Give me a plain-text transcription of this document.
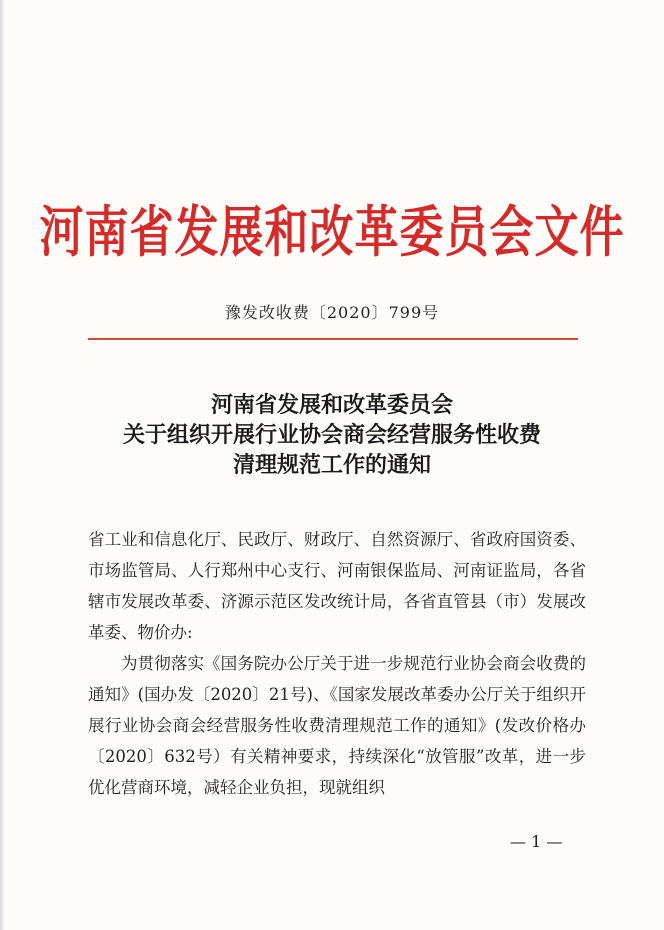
河南省发展和改革委员会文件
豫发改收费〔2020〕799号
河南省发展和改革委员会
关于组织开展行业协会商会经营服务性收费
清理规范工作的通知

省工业和信息化厅、民政厅、财政厅、自然资源厅、省政府国资委、市场监管局、人行郑州中心支行、河南银保监局、河南证监局，各省辖市发展改革委、济源示范区发改统计局，各省直管县（市）发展改革委、物价办:

为贯彻落实《国务院办公厅关于进一步规范行业协会商会收费的通知》(国办发〔2020〕21号)、《国家发展改革委办公厅关于组织开展行业协会商会经营服务性收费清理规范工作的通知》(发改价格办〔2020〕632号）有关精神要求，持续深化“放管服”改革，进一步优化营商环境，减轻企业负担，现就组织

— 1 —
